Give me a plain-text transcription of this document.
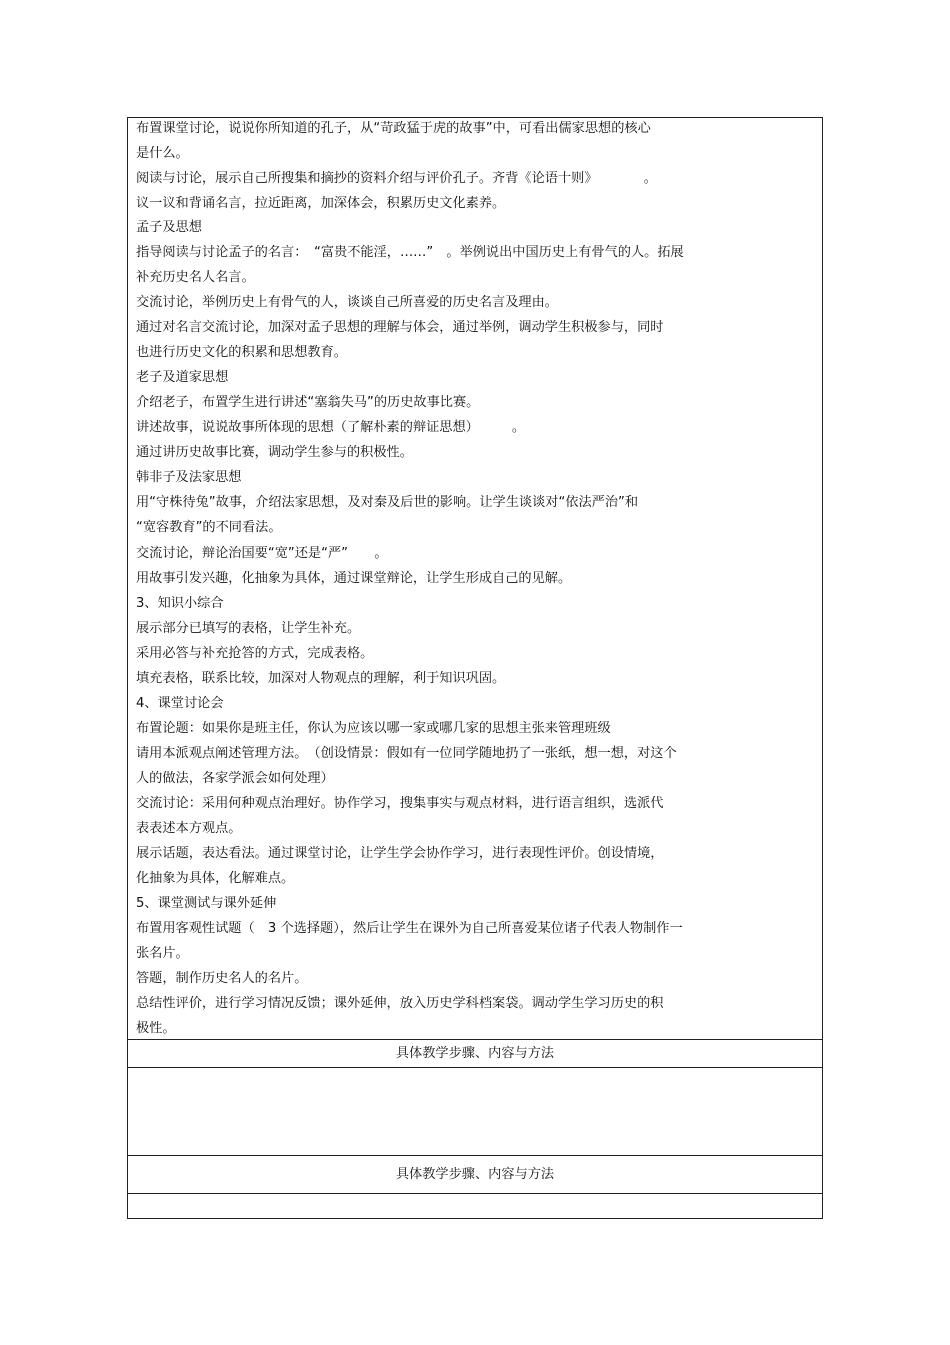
布置课堂讨论，说说你所知道的孔子，从“苛政猛于虎的故事”中，可看出儒家思想的核心
是什么。
阅读与讨论，展示自己所搜集和摘抄的资料介绍与评价孔子。齐背《论语十则》　　　　。
议一议和背诵名言，拉近距离，加深体会，积累历史文化素养。
孟子及思想
指导阅读与讨论孟子的名言：　“富贵不能淫，……”　。举例说出中国历史上有骨气的人。拓展
补充历史名人名言。
交流讨论，举例历史上有骨气的人，谈谈自己所喜爱的历史名言及理由。
通过对名言交流讨论，加深对孟子思想的理解与体会，通过举例，调动学生积极参与，同时
也进行历史文化的积累和思想教育。
老子及道家思想
介绍老子，布置学生进行讲述“塞翁失马”的历史故事比赛。
讲述故事，说说故事所体现的思想（了解朴素的辩证思想）　　　。
通过讲历史故事比赛，调动学生参与的积极性。
韩非子及法家思想
用“守株待兔”故事，介绍法家思想，及对秦及后世的影响。让学生谈谈对“依法严治”和
“宽容教育”的不同看法。
交流讨论，辩论治国要“宽”还是“严”　　。
用故事引发兴趣，化抽象为具体，通过课堂辩论，让学生形成自己的见解。
3、知识小综合
展示部分已填写的表格，让学生补充。
采用必答与补充抢答的方式，完成表格。
填充表格，联系比较，加深对人物观点的理解，利于知识巩固。
4、课堂讨论会
布置论题：如果你是班主任，你认为应该以哪一家或哪几家的思想主张来管理班级
请用本派观点阐述管理方法。　（创设情景：假如有一位同学随地扔了一张纸，想一想，对这个
人的做法，各家学派会如何处理）
交流讨论：采用何种观点治理好。协作学习，搜集事实与观点材料，进行语言组织，选派代
表表述本方观点。
展示话题，表达看法。通过课堂讨论，让学生学会协作学习，进行表现性评价。创设情境，
化抽象为具体，化解难点。
5、课堂测试与课外延伸
布置用客观性试题（　3 个选择题），然后让学生在课外为自己所喜爱某位诸子代表人物制作一
张名片。
答题，制作历史名人的名片。
总结性评价，进行学习情况反馈；课外延伸，放入历史学科档案袋。调动学生学习历史的积
极性。
具体教学步骤、内容与方法
具体教学步骤、内容与方法
